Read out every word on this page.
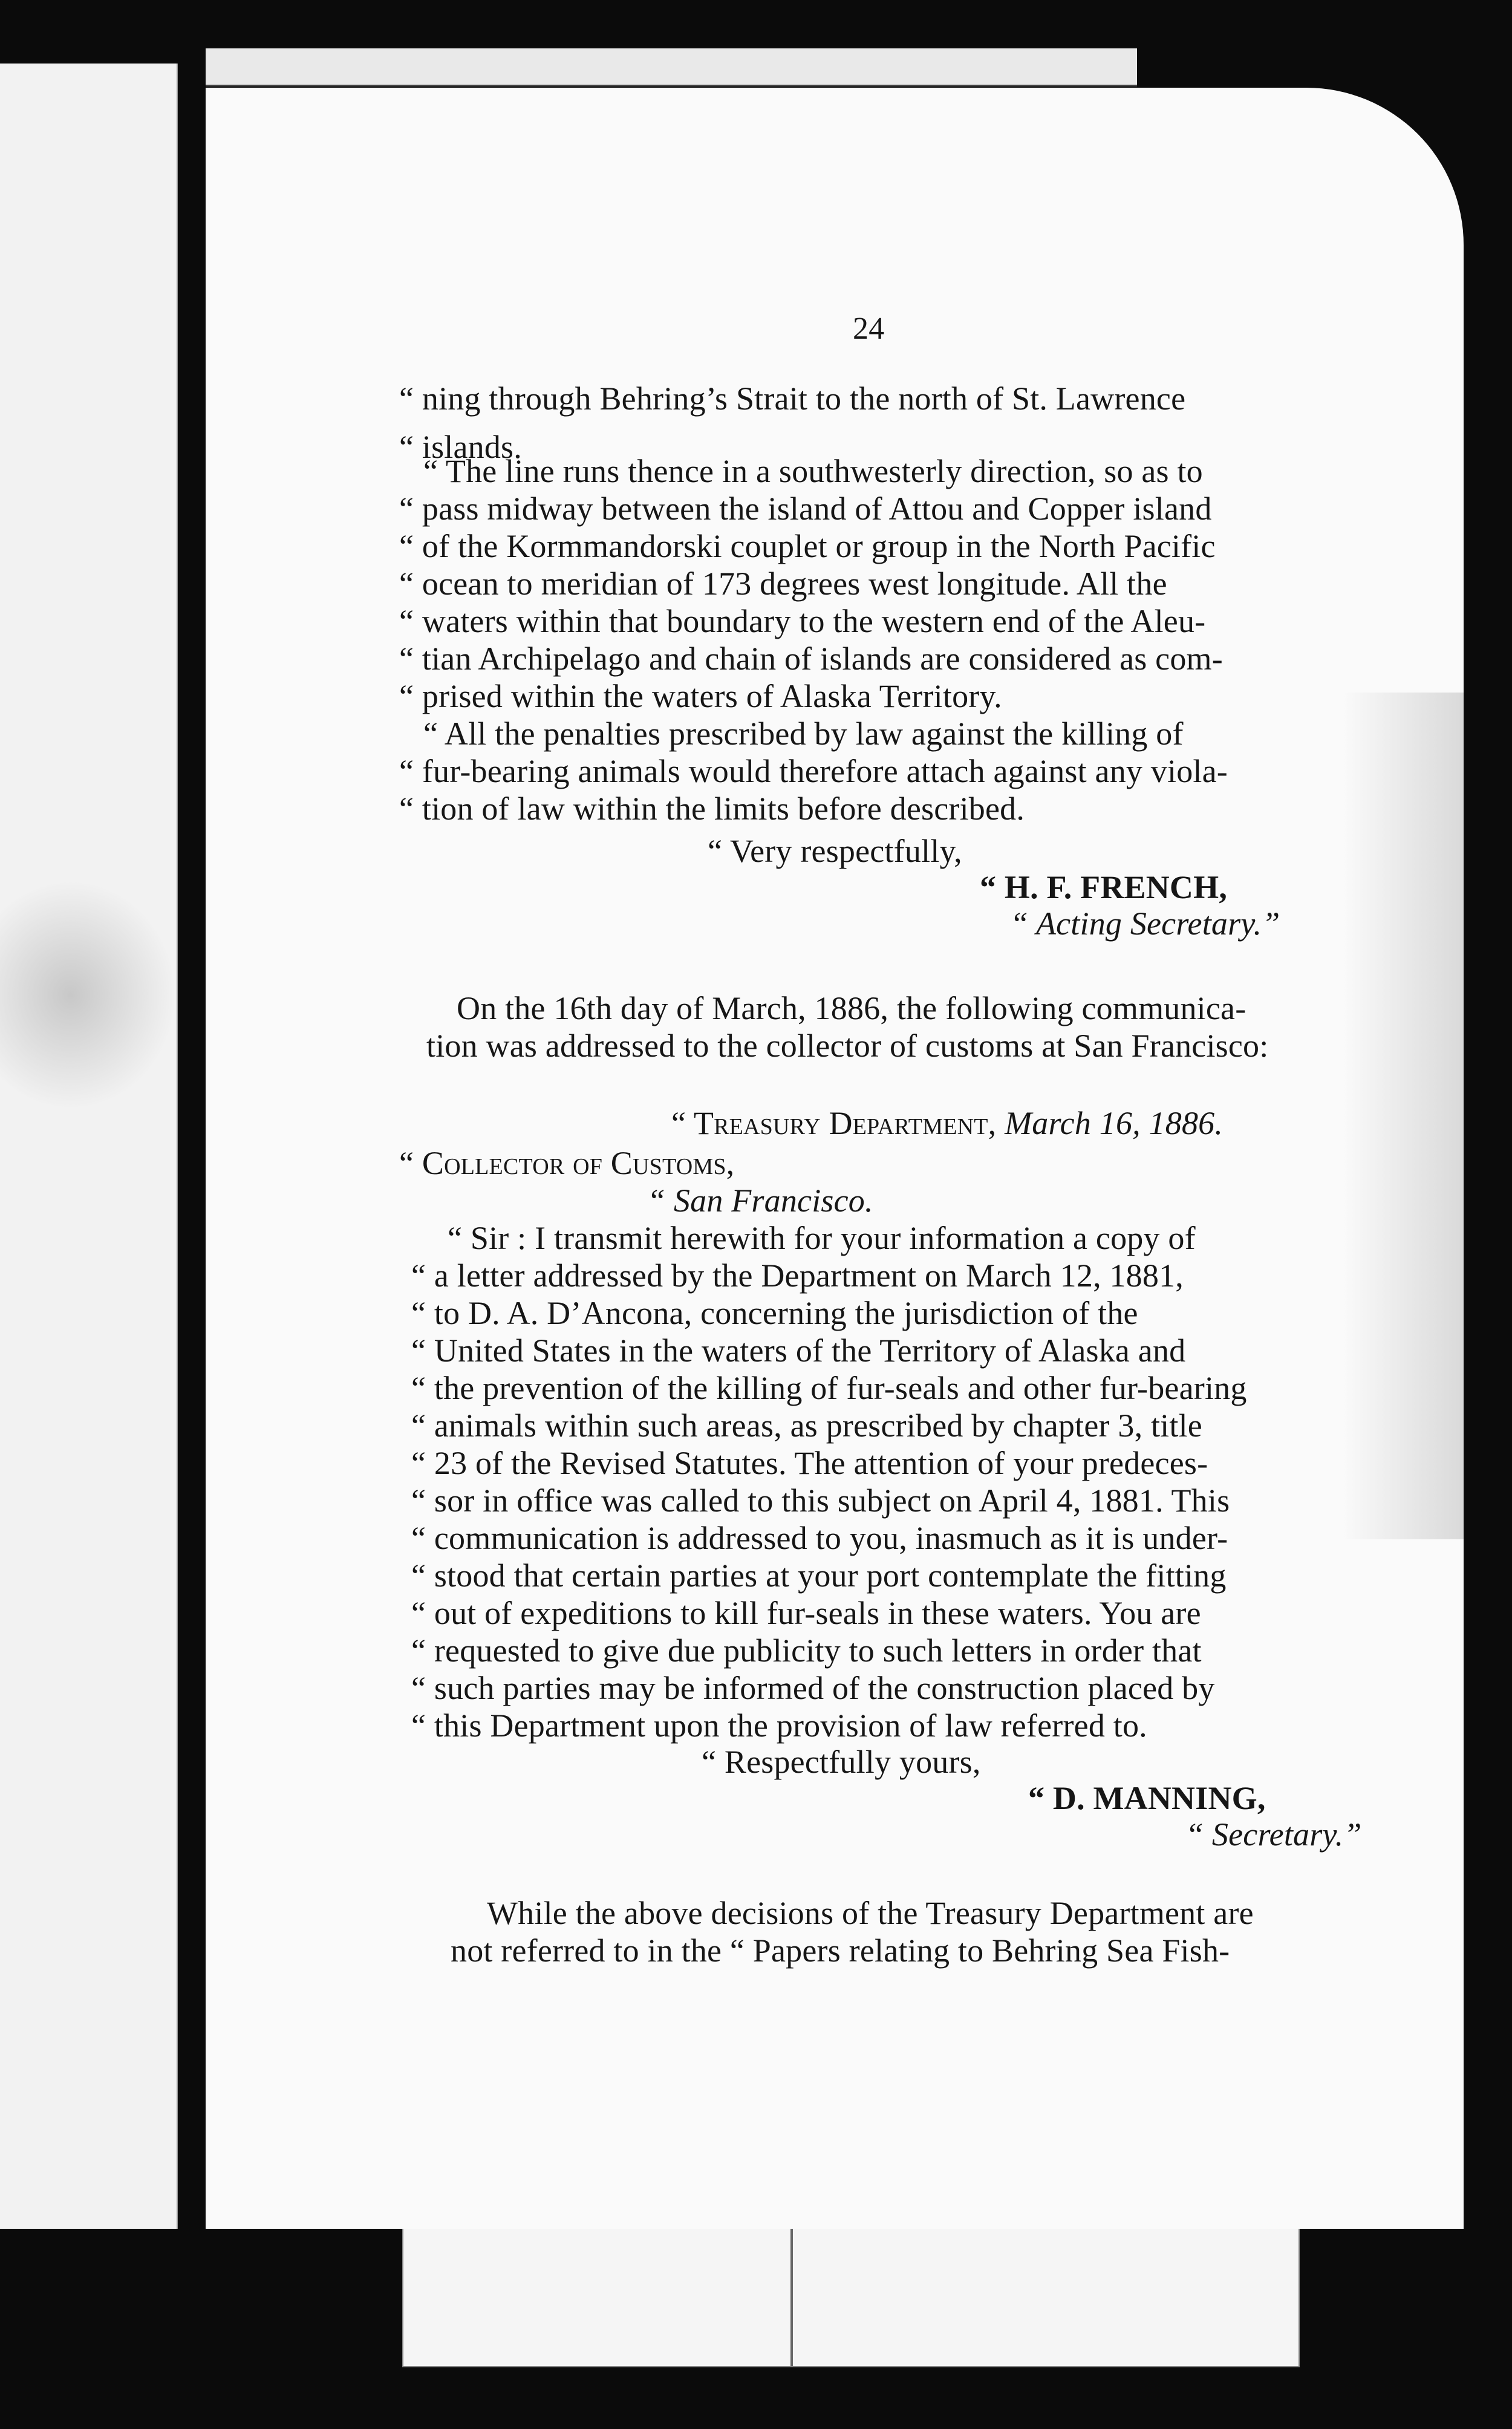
24
“ ning through Behring’s Strait to the north of St. Lawrence
“ islands.
“ The line runs thence in a southwesterly direction, so as to
“ pass midway between the island of Attou and Copper island
“ of the Kormmandorski couplet or group in the North Pacific
“ ocean to meridian of 173 degrees west longitude. All the
“ waters within that boundary to the western end of the Aleu-
“ tian Archipelago and chain of islands are considered as com-
“ prised within the waters of Alaska Territory.
“ All the penalties prescribed by law against the killing of
“ fur-bearing animals would therefore attach against any viola-
“ tion of law within the limits before described.
“ Very respectfully,
“ H. F. FRENCH,
“ Acting Secretary.”
On the 16th day of March, 1886, the following communica-
tion was addressed to the collector of customs at San Francisco:
“ Treasury Department, March 16, 1886.
“ Collector of Customs,
“ San Francisco.
“ Sir : I transmit herewith for your information a copy of
“ a letter addressed by the Department on March 12, 1881,
“ to D. A. D’Ancona, concerning the jurisdiction of the
“ United States in the waters of the Territory of Alaska and
“ the prevention of the killing of fur-seals and other fur-bearing
“ animals within such areas, as prescribed by chapter 3, title
“ 23 of the Revised Statutes. The attention of your predeces-
“ sor in office was called to this subject on April 4, 1881. This
“ communication is addressed to you, inasmuch as it is under-
“ stood that certain parties at your port contemplate the fitting
“ out of expeditions to kill fur-seals in these waters. You are
“ requested to give due publicity to such letters in order that
“ such parties may be informed of the construction placed by
“ this Department upon the provision of law referred to.
“ Respectfully yours,
“ D. MANNING,
“ Secretary.”
While the above decisions of the Treasury Department are
not referred to in the “ Papers relating to Behring Sea Fish-
